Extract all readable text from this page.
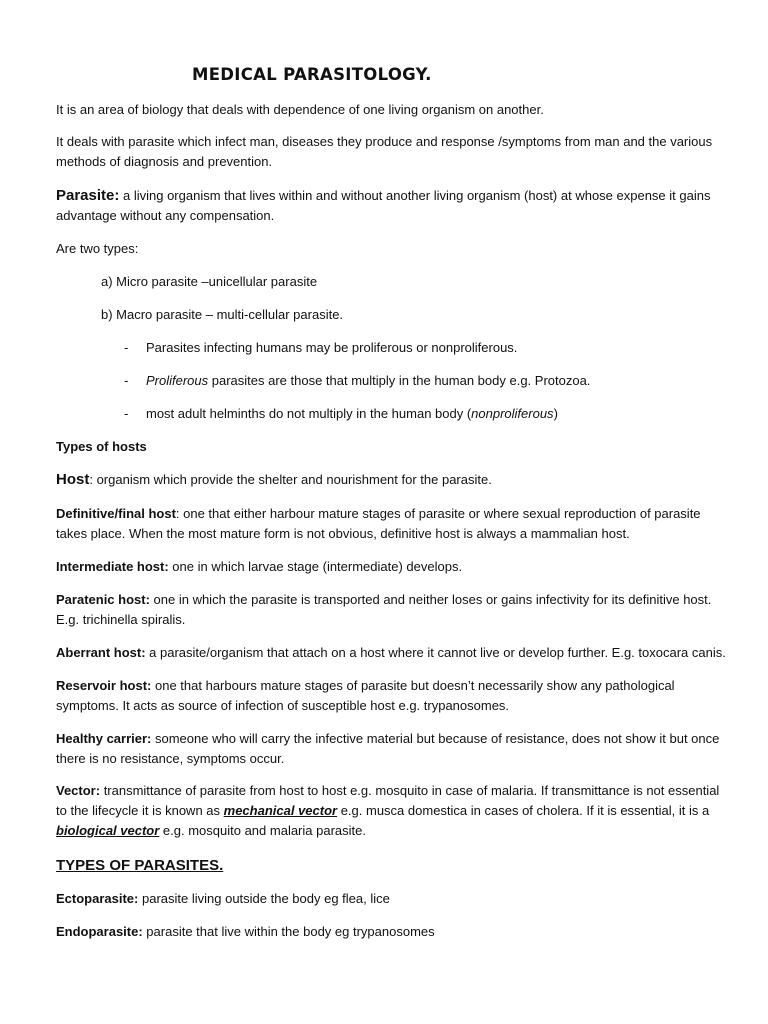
MEDICAL PARASITOLOGY.
It is an area of biology that deals with dependence of one living organism on another.
It deals with parasite which infect man, diseases they produce and response /symptoms from man and the various
methods of diagnosis and prevention.
Parasite: a living organism that lives within and without another living organism (host) at whose expense it gains
advantage without any compensation.
Are two types:
a) Micro parasite –unicellular parasite
b) Macro parasite – multi-cellular parasite.
- Parasites infecting humans may be proliferous or nonproliferous.
- Proliferous parasites are those that multiply in the human body e.g. Protozoa.
- most adult helminths do not multiply in the human body (nonproliferous)
Types of hosts
Host: organism which provide the shelter and nourishment for the parasite.
Definitive/final host: one that either harbour mature stages of parasite or where sexual reproduction of parasite
takes place. When the most mature form is not obvious, definitive host is always a mammalian host.
Intermediate host: one in which larvae stage (intermediate) develops.
Paratenic host: one in which the parasite is transported and neither loses or gains infectivity for its definitive host.
E.g. trichinella spiralis.
Aberrant host: a parasite/organism that attach on a host where it cannot live or develop further. E.g. toxocara canis.
Reservoir host: one that harbours mature stages of parasite but doesn’t necessarily show any pathological
symptoms. It acts as source of infection of susceptible host e.g. trypanosomes.
Healthy carrier: someone who will carry the infective material but because of resistance, does not show it but once
there is no resistance, symptoms occur.
Vector: transmittance of parasite from host to host e.g. mosquito in case of malaria. If transmittance is not essential
to the lifecycle it is known as mechanical vector e.g. musca domestica in cases of cholera. If it is essential, it is a
biological vector e.g. mosquito and malaria parasite.
TYPES OF PARASITES.
Ectoparasite: parasite living outside the body eg flea, lice
Endoparasite: parasite that live within the body eg trypanosomes
